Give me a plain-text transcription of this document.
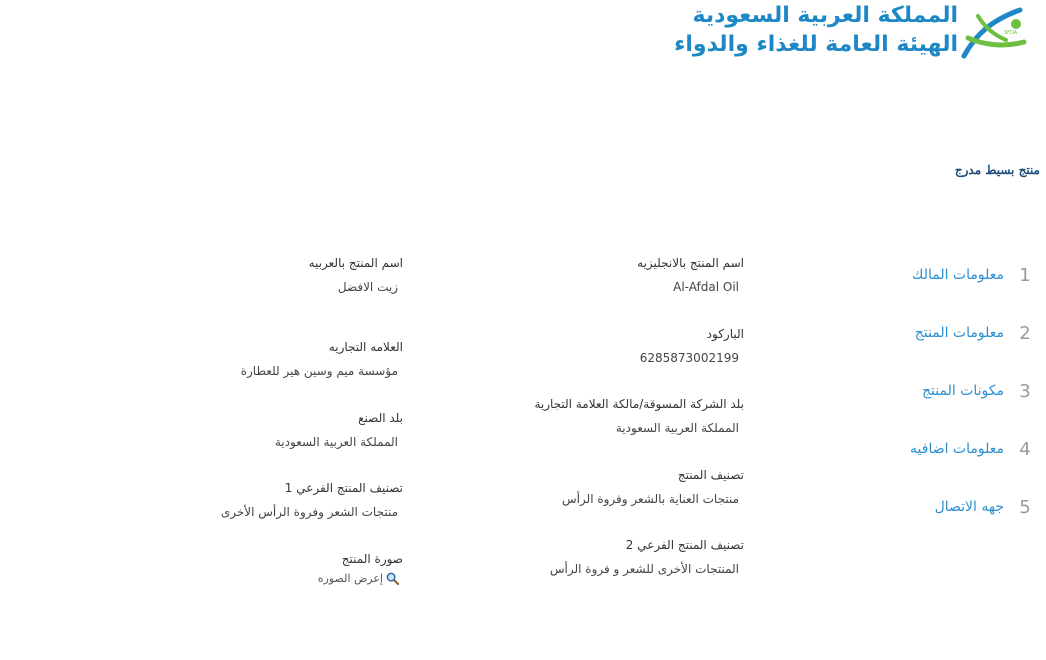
المملكة العربية السعودية
الهيئة العامة للغذاء والدواء	SFDA
منتج بسيط مدرج
1
معلومات المالك
2
معلومات المنتج
3
مكونات المنتج
4
معلومات اضافيه
5
جهه الاتصال
اسم المنتج بالانجليزيه
Al-Afdal Oil
الباركود
6285873002199
بلد الشركة المسوقة/مالكة العلامة التجارية
المملكة العربية السعودية
تصنيف المنتج
منتجات العناية بالشعر وفروة الرأس
تصنيف المنتج الفرعي 2
المنتجات الأخرى للشعر و فروة الرأس
اسم المنتج بالعربيه
زيت الافضل
العلامه التجاريه
مؤسسة ميم وسين هير للعطارة
بلد الصنع
المملكة العربية السعودية
تصنيف المنتج الفرعي 1
منتجات الشعر وفروة الرأس الأخرى
صورة المنتج
إعرض الصوره
